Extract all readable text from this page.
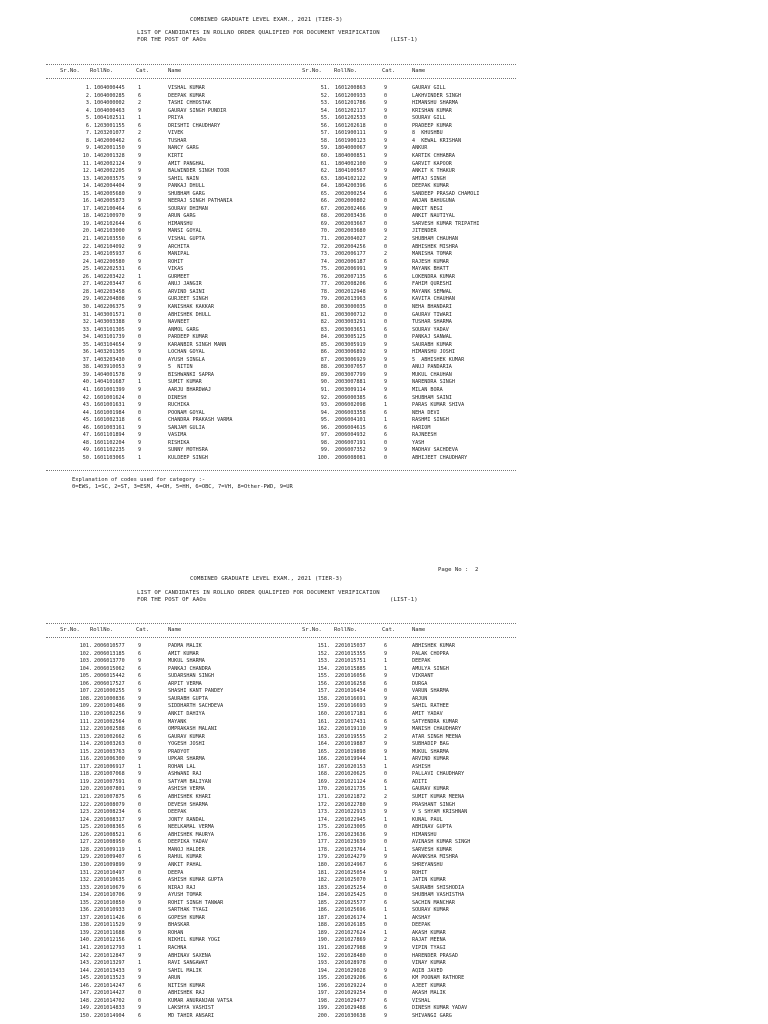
COMBINED GRADUATE LEVEL EXAM., 2021 (TIER-3)
LIST OF CANDIDATES IN ROLLNO ORDER QUALIFIED FOR DOCUMENT VERIFICATION
FOR THE POST OF AAOs	(LIST-1)
Sr.No. RollNo.	Cat.	Name	Sr.No. RollNo.	Cat.	Name
1. 1004000445	1	VISHAL KUMAR
2. 1004000285	6	DEEPAK KUMAR
3. 1004000002	2	TASHI CHHOSTAK
4. 1004000463	9	GAURAV SINGH PUNDIR
5. 1004102511	1	PRIYA
6. 1203001155	6	DRISHTI CHAUDHARY
7. 1203201077	2	VIVEK
8. 1402000462	6	TUSHAR
9. 1402001150	9	NANCY GARG
10. 1402001328	9	KIRTI
11. 1402002124	9	AMIT PANGHAL
12. 1402002205	9	BALWINDER SINGH TOOR
13. 1402003575	9	SAHIL NAIN
14. 1402004404	9	PANKAJ DHULL
15. 1402005680	9	SHUBHAM GARG
16. 1402005873	9	NEERAJ SINGH PATHANIA
17. 1402100464	6	SOURAV DHIMAN
18. 1402100970	9	ARUN GARG
19. 1402102644	6	HIMANSHU
20. 1402103000	9	MANSI GOYAL
21. 1402103550	6	VISHAL GUPTA
22. 1402104092	9	ARCHITA
23. 1402105937	6	MANIPAL
24. 1402200580	9	ROHIT
25. 1402202531	6	VIKAS
26. 1402203422	1	GURMEET
27. 1402203447	6	ANUJ JANGIR
28. 1402203458	6	ARVIND SAINI
29. 1402204808	9	GURJEET SINGH
30. 1402206375	9	KANISHAK KAKKAR
31. 1403001571	0	ABHISHEK DHULL
32. 1403003388	9	NAVNEET
33. 1403101305	9	ANMOL GARG
34. 1403101739	0	PARDEEP KUMAR
35. 1403104654	9	KARANBIR SINGH MANN
36. 1403201305	9	LOCHAN GOYAL
37. 1403203430	0	AYUSH SINGLA
38. 1403910053	9	5  NITIN
39. 1404001578	9	BISHWANKI SAPRA
40. 1404101687	1	SUMIT KUMAR
41. 1601001399	9	AARJU BHARDWAJ
42. 1601001624	0	DINESH
43. 1601001631	9	RUCHIKA
44. 1601001984	0	POONAM GOYAL
45. 1601002318	6	CHANDRA PRAKASH VARMA
46. 1601003161	9	SANJAM GULIA
47. 1601101894	9	VASIMA
48. 1601102204	9	RISHIKA
49. 1601102235	9	SUNNY MOTHSRA
50. 1601103065	1	KULDEEP SINGH
51. 1601200863	9	GAURAV GILL
52. 1601200933	0	LAKHVINDER SINGH
53. 1601201786	9	HIMANSHU SHARMA
54. 1601202117	9	KRISHAN KUMAR
55. 1601202533	0	SOURAV GILL
56. 1601202618	0	PRADEEP KUMAR
57. 1601900111	9	8  KHUSHBU
58. 1601900123	9	4  KEWAL KRISHAN
59. 1804000067	9	ANKUR
60. 1804000851	9	KARTIK CHHABRA
61. 1804002100	9	GARVIT KAPOOR
62. 1804100567	9	ANKIT K THAKUR
63. 1804102122	9	AMTAJ SINGH
64. 1804200396	6	DEEPAK KUMAR
65. 2002000254	6	SANDEEP PRASAD CHAMOLI
66. 2002000802	0	ANJAN BAHUGUNA
67. 2002002466	9	ANKIT NEGI
68. 2002003436	0	ANKIT NAUTIYAL
69. 2002003667	0	SARVESH KUMAR TRIPATHI
70. 2002003680	9	JITENDER
71. 2002004027	2	SHUBHAM CHAUHAN
72. 2002004256	0	ABHISHEK MISHRA
73. 2002006177	2	MANISHA TOMAR
74. 2002006187	6	RAJESH KUMAR
75. 2002006991	9	MAYANK BHATT
76. 2002007135	6	LOKENDRA KUMAR
77. 2002008206	6	FAHIM QURESHI
78. 2002012948	9	MAYANK SEMWAL
79. 2002013963	6	KAVITA CHAUHAN
80. 2003000035	0	NEHA BHANDARI
81. 2003000712	0	GAURAV TIWARI
82. 2003003291	0	TUSHAR SHARMA
83. 2003003651	6	SOURAV YADAV
84. 2003005125	0	PANKAJ SANWAL
85. 2003005919	9	SAURABH KUMAR
86. 2003006892	9	HIMANSHU JOSHI
87. 2003006929	9	5  ABHISHEK KUMAR
88. 2003007057	0	ANUJ PANDARIA
89. 2003007799	9	MUKUL CHAUHAN
90. 2003007881	9	NARENDRA SINGH
91. 2003009114	9	MILAN BORA
92. 2006000385	6	SHUBHAM SAINI
93. 2006002098	1	PARAS KUMAR SHIVA
94. 2006003358	6	NEHA DEVI
95. 2006004101	1	RASHMI SINGH
96. 2006004615	6	HARIOM
97. 2006004932	6	RAJNEESH
98. 2006007191	0	YASH
99. 2006007352	9	MADHAV SACHDEVA
100. 2006008081	0	ABHIJEET CHAUDHARY
Explanation of codes used for category :-
0=EWS, 1=SC, 2=ST, 3=ESM, 4=OH, 5=HH, 6=OBC, 7=VH, 8=Other-PWD, 9=UR
Page No :  2
COMBINED GRADUATE LEVEL EXAM., 2021 (TIER-3)
LIST OF CANDIDATES IN ROLLNO ORDER QUALIFIED FOR DOCUMENT VERIFICATION
FOR THE POST OF AAOs	(LIST-1)
Sr.No. RollNo.	Cat.	Name	Sr.No. RollNo.	Cat.	Name
101. 2006010577	9	PADMA MALIK
102. 2006013185	6	AMIT KUMAR
103. 2006013770	9	MUKUL SHARMA
104. 2006015062	6	PANKAJ CHANDRA
105. 2006015442	6	SUDARSHAN SINGH
106. 2006017527	6	ARPIT VERMA
107. 2201000255	9	SHASHI KANT PANDEY
108. 2201000836	9	SAURABH GUPTA
109. 2201001486	9	SIDDHARTH SACHDEVA
110. 2201002256	9	ANKIT DAHIYA
111. 2201002564	0	MAYANK
112. 2201002588	6	OMPRAKASH MALANI
113. 2201002662	6	GAURAV KUMAR
114. 2201003263	0	YOGESH JOSHI
115. 2201003763	9	PRADYOT
116. 2201006300	9	UPKAR SHARMA
117. 2201006917	1	ROHAN LAL
118. 2201007068	9	ASHWANI RAJ
119. 2201007591	0	SATYAM BALIYAN
120. 2201007801	9	ASHISH VERMA
121. 2201007875	6	ABHISHEK KHARI
122. 2201008079	0	DEVESH SHARMA
123. 2201008234	6	DEEPAK
124. 2201008317	9	JONTY RANDAL
125. 2201008365	6	NEELKAMAL VERMA
126. 2201008521	6	ABHISHEK MAURYA
127. 2201008950	6	DEEPIKA YADAV
128. 2201009119	1	MANOJ HALDER
129. 2201009407	6	RAHUL KUMAR
130. 2201009899	9	ANKIT PAHAL
131. 2201010497	0	DEEPA
132. 2201010635	6	ASHISH KUMAR GUPTA
133. 2201010679	6	NIRAJ RAJ
134. 2201010706	9	AYUSH TOMAR
135. 2201010850	9	ROHIT SINGH TANWAR
136. 2201010933	0	SARTHAK TYAGI
137. 2201011426	6	GOPESH KUMAR
138. 2201011529	9	BHASKAR
139. 2201011688	9	ROHAN
140. 2201012156	6	NIKHIL KUMAR YOGI
141. 2201012793	1	RACHNA
142. 2201012847	9	ABHINAV SAXENA
143. 2201013297	1	RAVI SANGAWAT
144. 2201013433	9	SAHIL MALIK
145. 2201013523	9	ARUN
146. 2201014247	6	NITISH KUMAR
147. 2201014427	0	ABHISHEK RAJ
148. 2201014702	0	KUMAR ANURANJAN VATSA
149. 2201014833	9	LAKSHYA VASHIST
150. 2201014904	6	MD TAHIR ANSARI
151. 2201015037	6	ABHISHEK KUMAR
152. 2201015355	9	PALAK CHOPRA
153. 2201015751	1	DEEPAK
154. 2201015885	1	AMULYA SINGH
155. 2201016056	9	VIKRANT
156. 2201016258	6	DURGA
157. 2201016434	0	VARUN SHARMA
158. 2201016691	9	ARJUN
159. 2201016693	9	SAHIL RATHEE
160. 2201017181	6	AMIT YADAV
161. 2201017431	6	SATYENDRA KUMAR
162. 2201019110	9	MANISH CHAUDHARY
163. 2201019555	2	ATAR SINGH MEENA
164. 2201019887	9	SUBHADIP BAG
165. 2201019898	9	MUKUL SHARMA
166. 2201019944	1	ARVIND KUMAR
167. 2201020153	1	ASHISH
168. 2201020625	0	PALLAVI CHAUDHARY
169. 2201021124	6	ADITI
170. 2201021735	1	GAURAV KUMAR
171. 2201021872	2	SUMIT KUMAR MEENA
172. 2201022780	9	PRASHANT SINGH
173. 2201022913	9	V S SHYAM KRISHNAN
174. 2201022945	1	KUNAL PAUL
175. 2201023005	0	ABHINAV GUPTA
176. 2201023636	9	HIMANSHU
177. 2201023639	0	AVINASH KUMAR SINGH
178. 2201023764	1	SARVESH KUMAR
179. 2201024279	9	AKANKSHA MISHRA
180. 2201024967	6	SHREYANSHU
181. 2201025054	9	ROHIT
182. 2201025070	1	JATIN KUMAR
183. 2201025254	0	SAURABH SHISHODIA
184. 2201025425	0	SHUBHAM VASHISTHA
185. 2201025577	6	SACHIN MANCHAR
186. 2201025696	1	SOURAV KUMAR
187. 2201026174	1	AKSHAY
188. 2201026185	0	DEEPAK
189. 2201027624	1	AKASH KUMAR
190. 2201027869	2	RAJAT MEENA
191. 2201027988	9	VIPIN TYAGI
192. 2201028480	0	HARENDER PRASAD
193. 2201028978	0	VINAY KUMAR
194. 2201029028	9	AQIB JAVED
195. 2201029206	6	KM POONAM RATHORE
196. 2201029224	0	AJEET KUMAR
197. 2201029254	0	AKASH MALIK
198. 2201029477	6	VISHAL
199. 2201029488	6	DINESH KUMAR YADAV
200. 2201030638	9	SHIVANGI GARG
